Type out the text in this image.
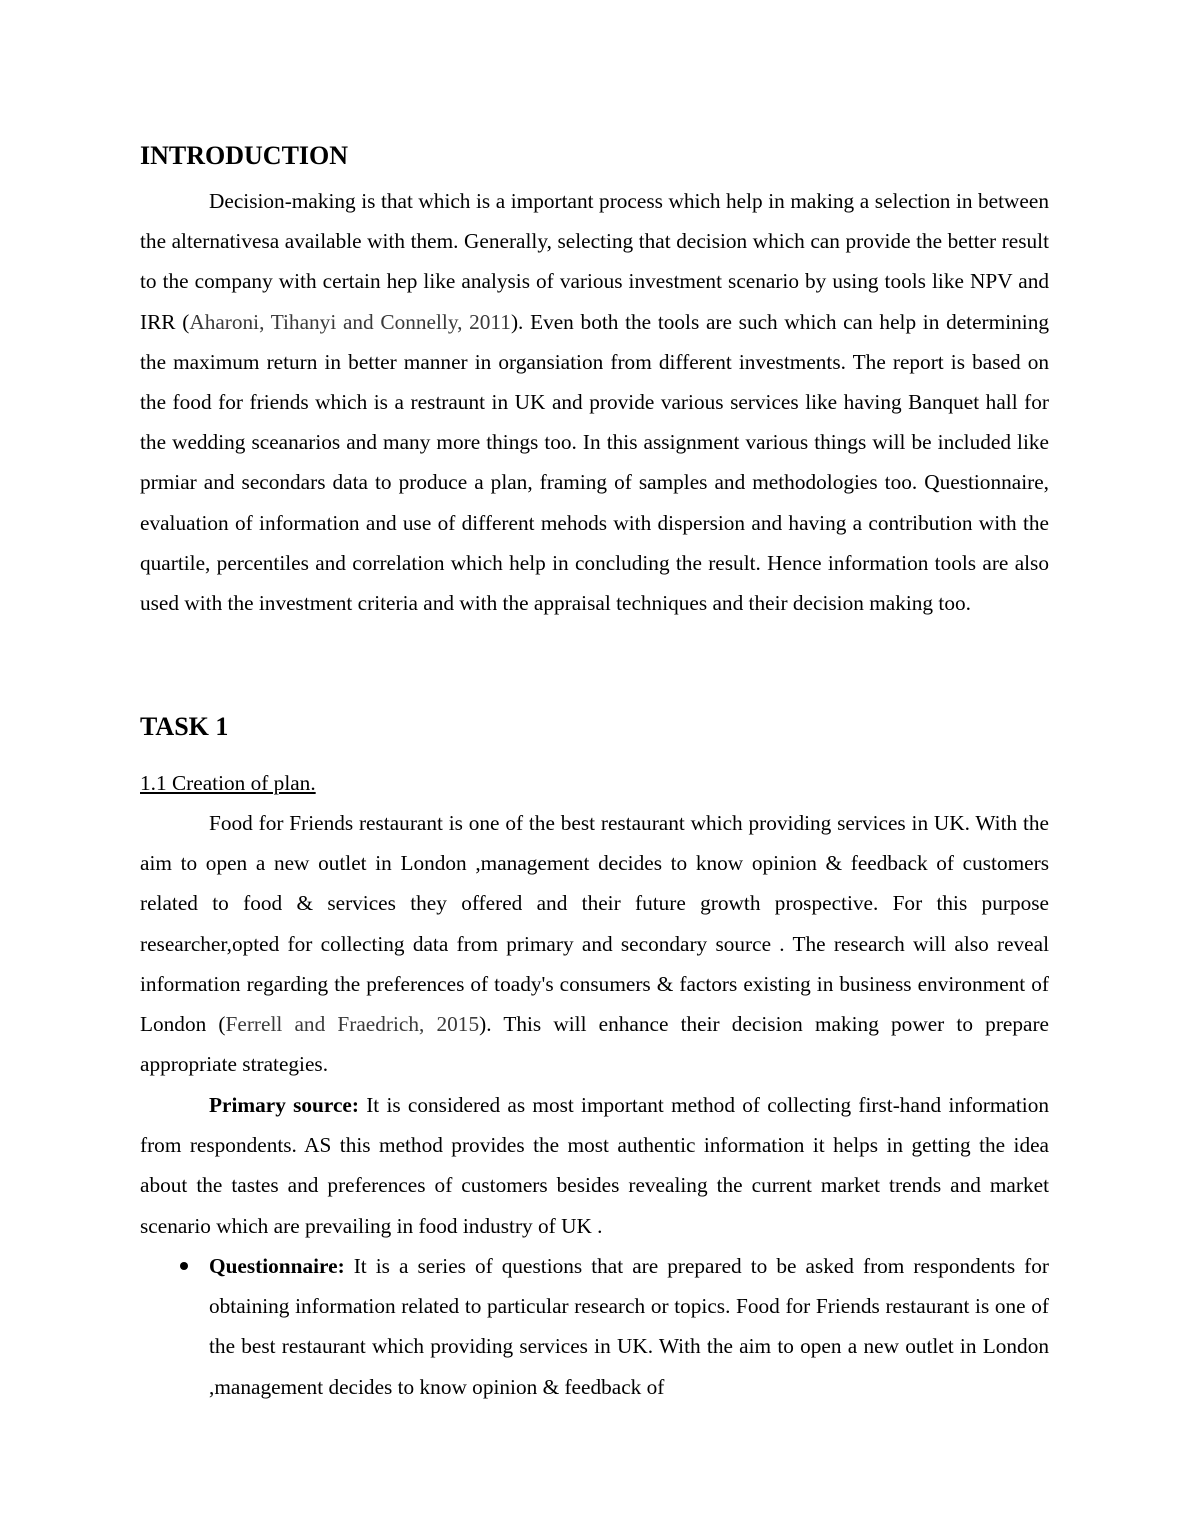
INTRODUCTION

Decision-making is that which is a important process which help in making a selection in between the alternativesa available with them. Generally, selecting that decision which can provide the better result to the company with certain hep like analysis of various investment scenario by using tools like NPV and IRR (Aharoni, Tihanyi and Connelly, 2011). Even both the tools are such which can help in determining the maximum return in better manner in organsiation from different investments. The report is based on the food for friends which is a restraunt in UK and provide various services like having Banquet hall for the wedding sceanarios and many more things too. In this assignment various things will be included like prmiar and secondars data to produce a plan, framing of samples and methodologies too. Questionnaire, evaluation of information and use of different mehods with dispersion and having a contribution with the quartile, percentiles and correlation which help in concluding the result. Hence information tools are also used with the investment criteria and with the appraisal techniques and their decision making too.

TASK 1

1.1 Creation of plan.

Food for Friends restaurant is one of the best restaurant which providing services in UK. With the aim to open a new outlet in London ,management decides to know opinion & feedback of customers related to food & services they offered and their future growth prospective. For this purpose researcher,opted for collecting data from primary and secondary source . The research will also reveal information regarding the preferences of toady's consumers & factors existing in business environment of London (Ferrell and Fraedrich, 2015). This will enhance their decision making power to prepare appropriate strategies.

Primary source: It is considered as most important method of collecting first-hand information from respondents. AS this method provides the most authentic information it helps in getting the idea about the tastes and preferences of customers besides revealing the current market trends and market scenario which are prevailing in food industry of UK .

Questionnaire: It is a series of questions that are prepared to be asked from respondents for obtaining information related to particular research or topics. Food for Friends restaurant is one of the best restaurant which providing services in UK. With the aim to open a new outlet in London ,management decides to know opinion & feedback of
